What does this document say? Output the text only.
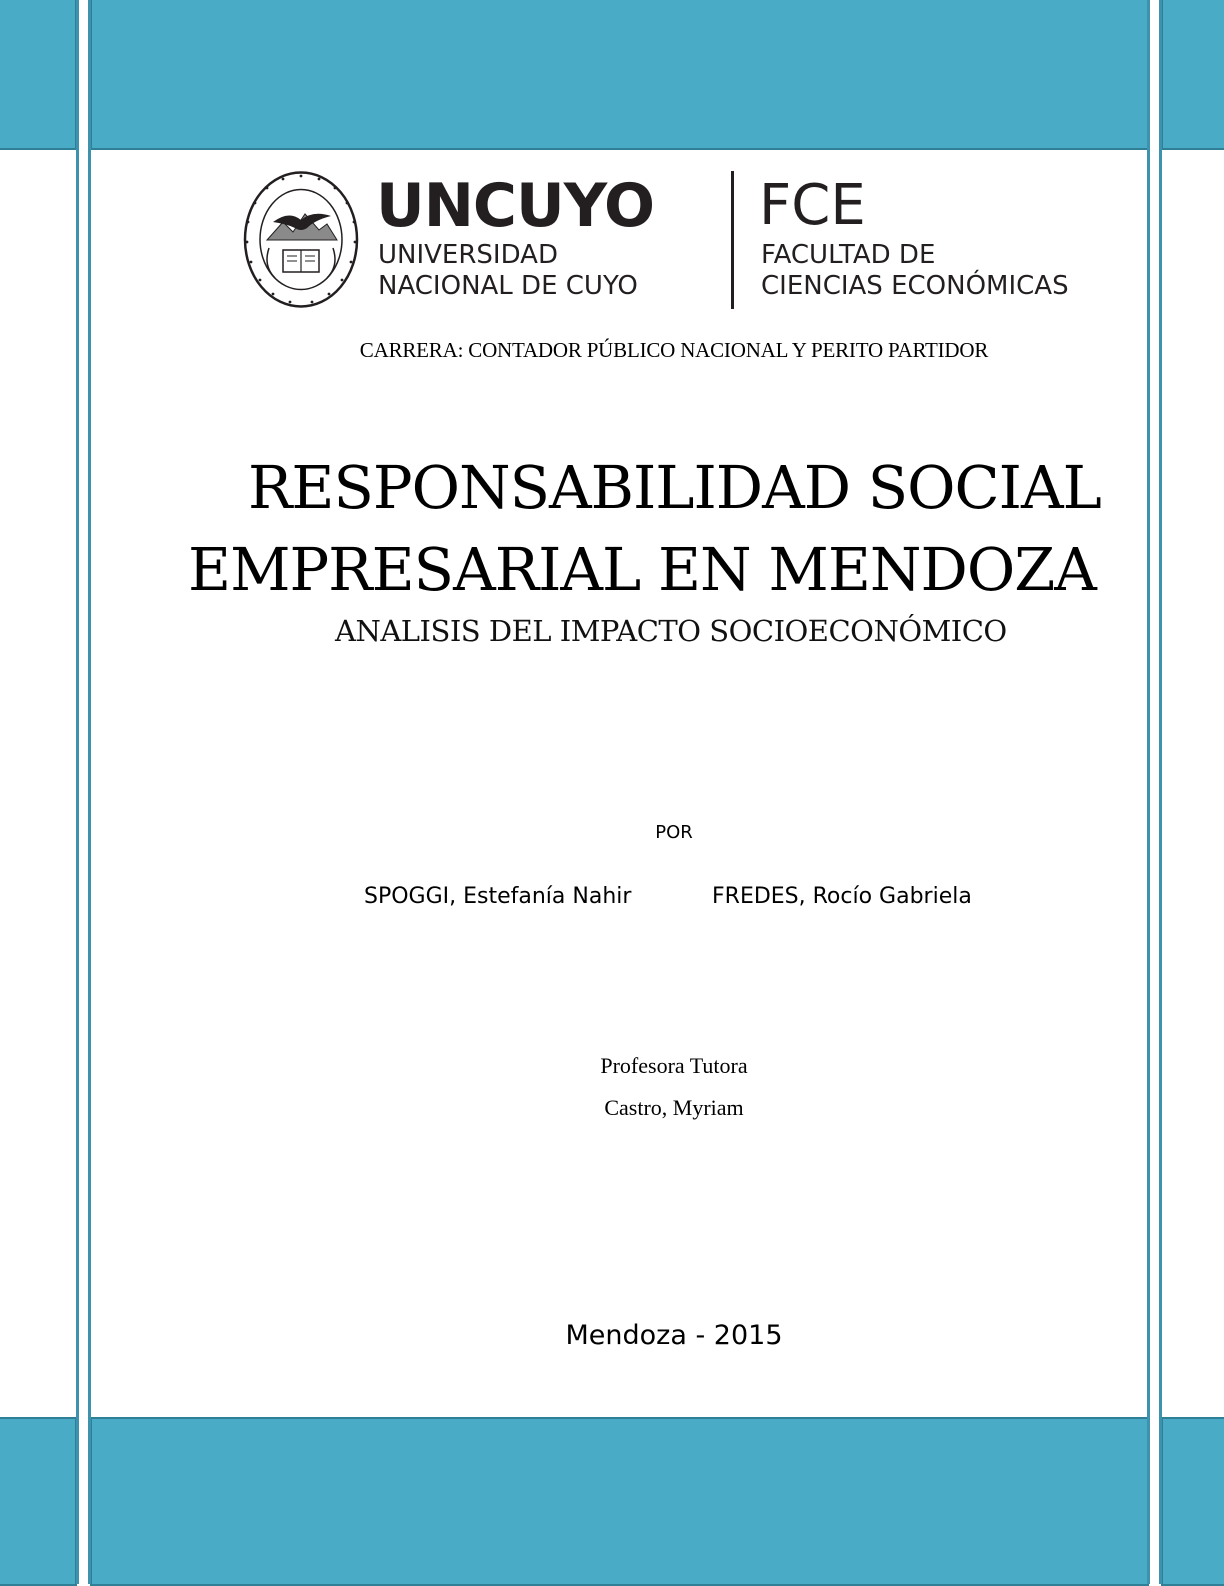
UNCUYO
UNIVERSIDAD
NACIONAL DE CUYO
FCE
FACULTAD DE
CIENCIAS ECONÓMICAS
CARRERA: CONTADOR PÚBLICO NACIONAL Y PERITO PARTIDOR
RESPONSABILIDAD SOCIAL
EMPRESARIAL EN MENDOZA
ANALISIS DEL IMPACTO SOCIOECONÓMICO
POR
SPOGGI, Estefanía Nahir	FREDES, Rocío Gabriela
Profesora Tutora
Castro, Myriam
Mendoza - 2015
